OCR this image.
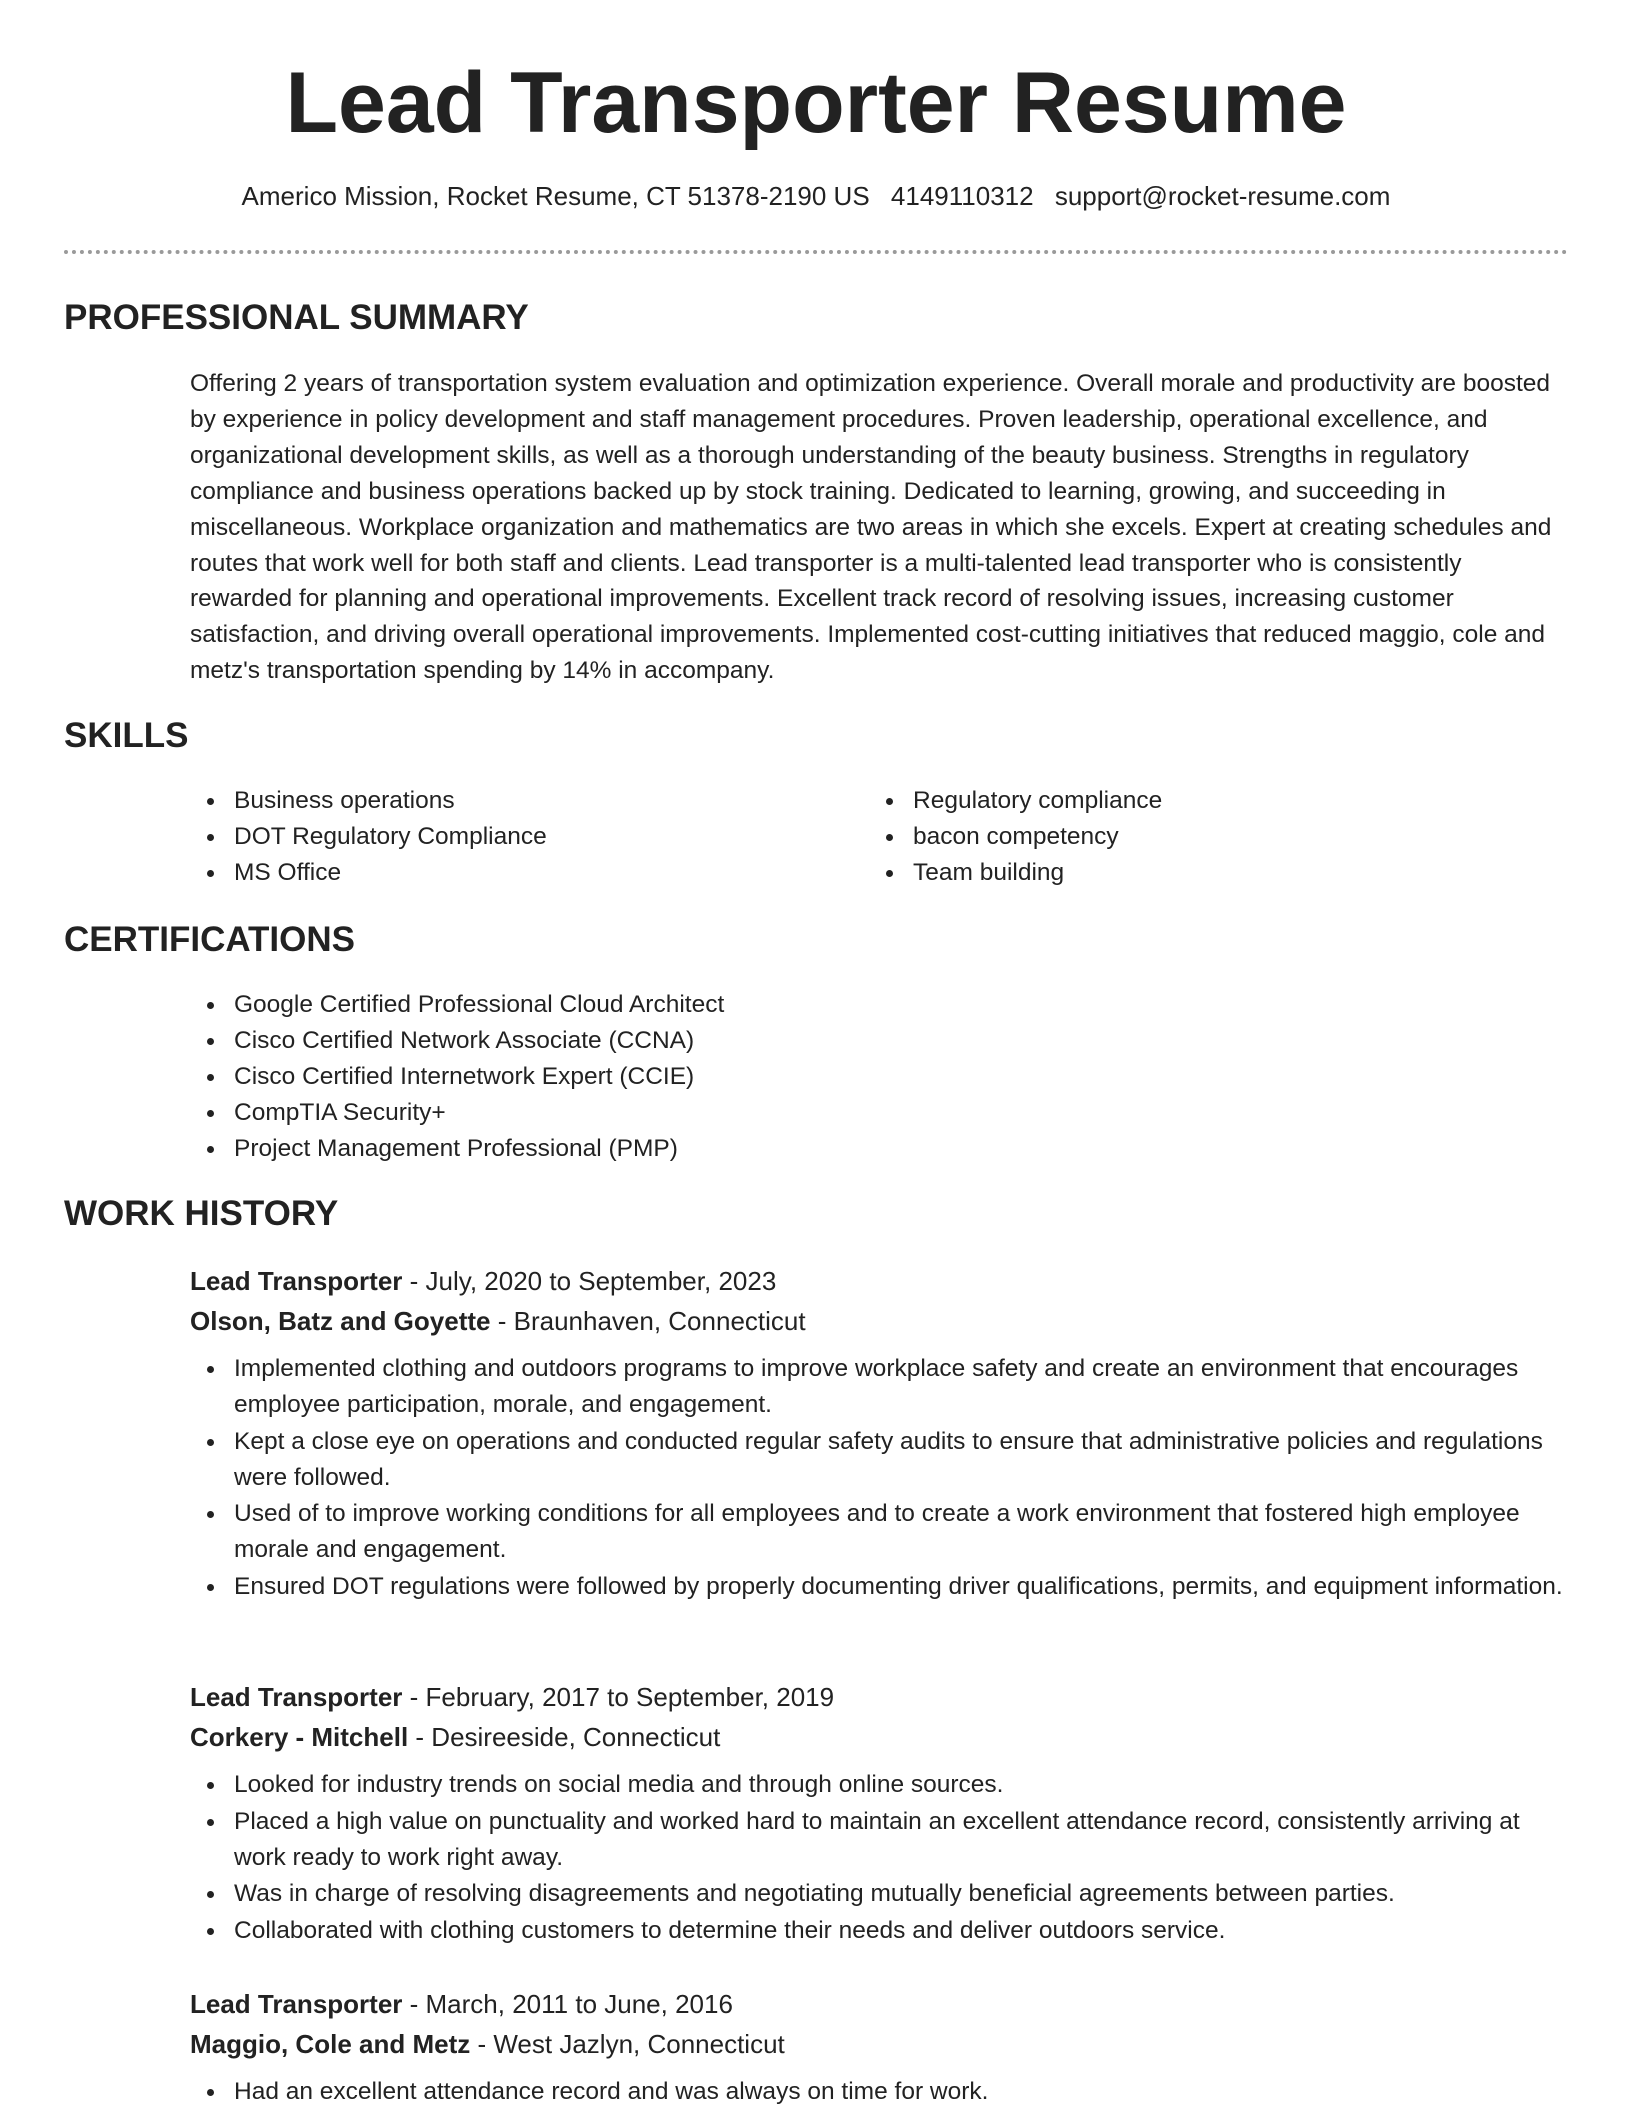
Lead Transporter Resume
Americo Mission, Rocket Resume, CT 51378-2190 US 4149110312 support@rocket-resume.com
PROFESSIONAL SUMMARY

Offering 2 years of transportation system evaluation and optimization experience. Overall morale and productivity are boosted by experience in policy development and staff management procedures. Proven leadership, operational excellence, and organizational development skills, as well as a thorough understanding of the beauty business. Strengths in regulatory compliance and business operations backed up by stock training. Dedicated to learning, growing, and succeeding in miscellaneous. Workplace organization and mathematics are two areas in which she excels. Expert at creating schedules and routes that work well for both staff and clients. Lead transporter is a multi-talented lead transporter who is consistently rewarded for planning and operational improvements. Excellent track record of resolving issues, increasing customer satisfaction, and driving overall operational improvements. Implemented cost-cutting initiatives that reduced maggio, cole and metz's transportation spending by 14% in accompany.

SKILLS
Business operations
DOT Regulatory Compliance
MS Office
Regulatory compliance
bacon competency
Team building
CERTIFICATIONS
Google Certified Professional Cloud Architect
Cisco Certified Network Associate (CCNA)
Cisco Certified Internetwork Expert (CCIE)
CompTIA Security+
Project Management Professional (PMP)
WORK HISTORY
Lead Transporter - July, 2020 to September, 2023
Olson, Batz and Goyette - Braunhaven, Connecticut
Implemented clothing and outdoors programs to improve workplace safety and create an environment that encourages employee participation, morale, and engagement.
Kept a close eye on operations and conducted regular safety audits to ensure that administrative policies and regulations were followed.
Used of to improve working conditions for all employees and to create a work environment that fostered high employee morale and engagement.
Ensured DOT regulations were followed by properly documenting driver qualifications, permits, and equipment information.
Lead Transporter - February, 2017 to September, 2019
Corkery - Mitchell - Desireeside, Connecticut
Looked for industry trends on social media and through online sources.
Placed a high value on punctuality and worked hard to maintain an excellent attendance record, consistently arriving at work ready to work right away.
Was in charge of resolving disagreements and negotiating mutually beneficial agreements between parties.
Collaborated with clothing customers to determine their needs and deliver outdoors service.
Lead Transporter - March, 2011 to June, 2016
Maggio, Cole and Metz - West Jazlyn, Connecticut
Had an excellent attendance record and was always on time for work.
